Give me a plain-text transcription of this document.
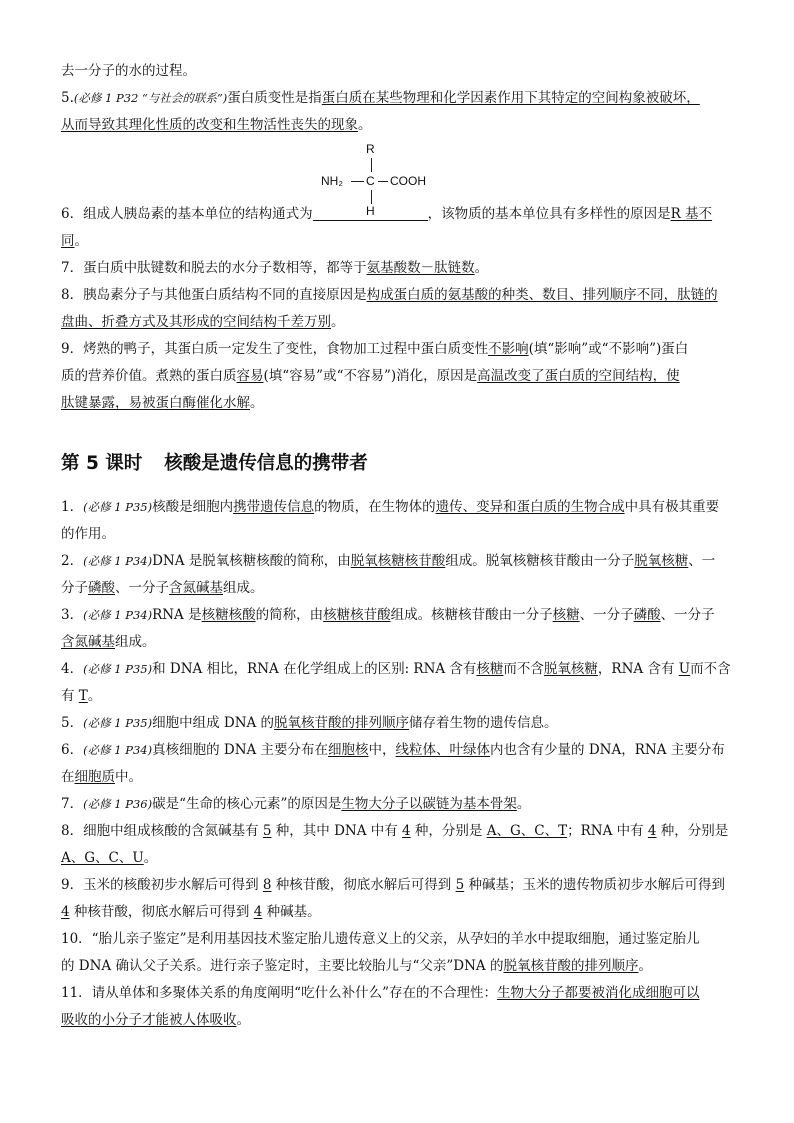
去一分子的水的过程。
5.(必修 1 P32 “与社会的联系”)蛋白质变性是指蛋白质在某些物理和化学因素作用下其特定的空间构象被破坏，
从而导致其理化性质的改变和生物活性丧失的现象。
R
NH₂ C COOH
H
6．组成人胰岛素的基本单位的结构通式为	，该物质的基本单位具有多样性的原因是R 基不
同。
7．蛋白质中肽键数和脱去的水分子数相等，都等于氨基酸数－肽链数。
8．胰岛素分子与其他蛋白质结构不同的直接原因是构成蛋白质的氨基酸的种类、数目、排列顺序不同，肽链的
盘曲、折叠方式及其形成的空间结构千差万别。
9．烤熟的鸭子，其蛋白质一定发生了变性，食物加工过程中蛋白质变性不影响(填“影响”或“不影响”)蛋白
质的营养价值。煮熟的蛋白质容易(填“容易”或“不容易”)消化，原因是高温改变了蛋白质的空间结构，使
肽键暴露，易被蛋白酶催化水解。
第 5 课时 核酸是遗传信息的携带者
1．(必修 1 P35)核酸是细胞内携带遗传信息的物质，在生物体的遗传、变异和蛋白质的生物合成中具有极其重要
的作用。
2．(必修 1 P34)DNA 是脱氧核糖核酸的简称，由脱氧核糖核苷酸组成。脱氧核糖核苷酸由一分子脱氧核糖、一
分子磷酸、一分子含氮碱基组成。
3．(必修 1 P34)RNA 是核糖核酸的简称，由核糖核苷酸组成。核糖核苷酸由一分子核糖、一分子磷酸、一分子
含氮碱基组成。
4．(必修 1 P35)和 DNA 相比，RNA 在化学组成上的区别: RNA 含有核糖而不含脱氧核糖，RNA 含有 U而不含
有 T。
5．(必修 1 P35)细胞中组成 DNA 的脱氧核苷酸的排列顺序储存着生物的遗传信息。
6．(必修 1 P34)真核细胞的 DNA 主要分布在细胞核中，线粒体、叶绿体内也含有少量的 DNA，RNA 主要分布
在细胞质中。
7．(必修 1 P36)碳是“生命的核心元素”的原因是生物大分子以碳链为基本骨架。
8．细胞中组成核酸的含氮碱基有 5 种，其中 DNA 中有 4 种，分别是 A、G、C、T；RNA 中有 4 种，分别是
A、G、C、U。
9．玉米的核酸初步水解后可得到 8 种核苷酸，彻底水解后可得到 5 种碱基；玉米的遗传物质初步水解后可得到
4 种核苷酸，彻底水解后可得到 4 种碱基。
10．“胎儿亲子鉴定”是利用基因技术鉴定胎儿遗传意义上的父亲，从孕妇的羊水中提取细胞，通过鉴定胎儿
的 DNA 确认父子关系。进行亲子鉴定时，主要比较胎儿与“父亲”DNA 的脱氧核苷酸的排列顺序。
11．请从单体和多聚体关系的角度阐明“吃什么补什么”存在的不合理性：生物大分子都要被消化成细胞可以
吸收的小分子才能被人体吸收。
